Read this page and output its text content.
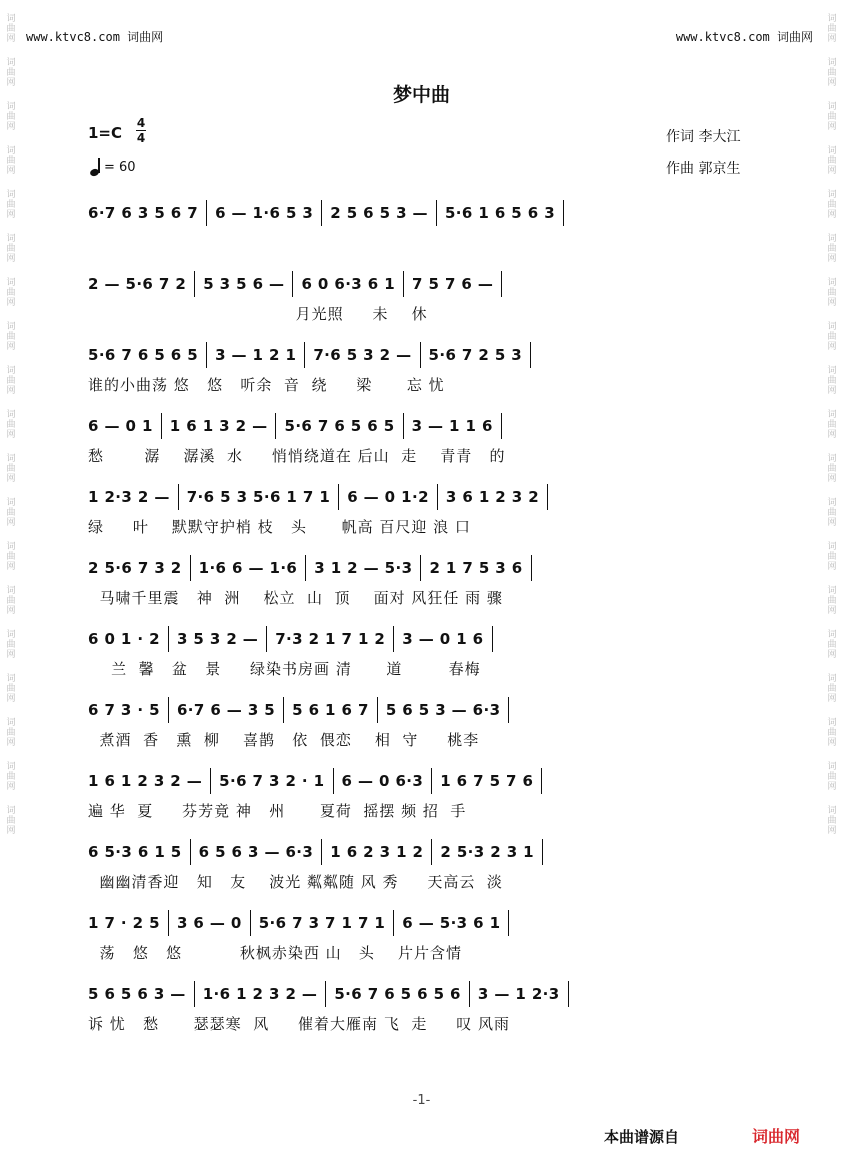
词
曲
网
词
曲
网
词
曲
网
词
曲
网
词
曲
网
词
曲
网
词
曲
网
词
曲
网
词
曲
网
词
曲
网
词
曲
网
词
曲
网
词
曲
网
词
曲
网
词
曲
网
词
曲
网
词
曲
网
词
曲
网
词
曲
网
词
曲
网
词
曲
网
词
曲
网
词
曲
网
词
曲
网
词
曲
网
词
曲
网
词
曲
网
词
曲
网
词
曲
网
词
曲
网
词
曲
网
词
曲
网
词
曲
网
词
曲
网
词
曲
网
词
曲
网
词
曲
网
词
曲
网
www.ktvc8.com 词曲网	www.ktvc8.com 词曲网
梦中曲
1=C
4
4
= 60
作词 李大江
作曲 郭京生
6·7 6 3 5 6 7 6 — 1·6 5 3 2 5 6 5 3 — 5·6 1 6 5 6 3
2 — 5·6 7 2 5 3 5 6 — 6 0 6·3 6 1 7 5 7 6 —
月光照     未    休
5·6 7 6 5 6 5 3 — 1 2 1 7·6 5 3 2 — 5·6 7 2 5 3
谁的小曲荡 悠   悠   听余  音  绕     梁      忘 忧
6 — 0 1 1 6 1 3 2 — 5·6 7 6 5 6 5 3 — 1 1 6
愁       潺    潺溪  水     悄悄绕道在 后山  走    青青   的
1 2·3 2 — 7·6 5 3 5·6 1 7 1 6 — 0 1·2 3 6 1 2 3 2
绿     叶    默默守护梢 枝   头      帆高 百尺迎 浪 口
2 5·6 7 3 2 1·6 6 — 1·6 3 1 2 — 5·3 2 1 7 5 3 6
马啸千里震   神  洲    松立  山  顶    面对 风狂任 雨 骤
6 0 1 · 2 3 5 3 2 — 7·3 2 1 7 1 2 3 — 0 1 6
兰  馨   盆   景     绿染书房画 清      道        春梅
6 7 3 · 5 6·7 6 — 3 5 5 6 1 6 7 5 6 5 3 — 6·3
煮酒  香   熏  柳    喜鹊   依  偎恋    相  守     桃李
1 6 1 2 3 2 — 5·6 7 3 2 · 1 6 — 0 6·3 1 6 7 5 7 6
遍 华  夏     芬芳竟 神   州      夏荷  摇摆 频 招  手
6 5·3 6 1 5 6 5 6 3 — 6·3 1 6 2 3 1 2 2 5·3 2 3 1
幽幽清香迎   知   友    波光 粼粼随 风 秀     天高云  淡
1 7 · 2 5 3 6 — 0 5·6 7 3 7 1 7 1 6 — 5·3 6 1
荡   悠   悠          秋枫赤染西 山   头    片片含情
5 6 5 6 3 — 1·6 1 2 3 2 — 5·6 7 6 5 6 5 6 3 — 1 2·3
诉 忧   愁      瑟瑟寒  风     催着大雁南 飞  走     叹 风雨
-1-
本曲谱源自	词曲网
